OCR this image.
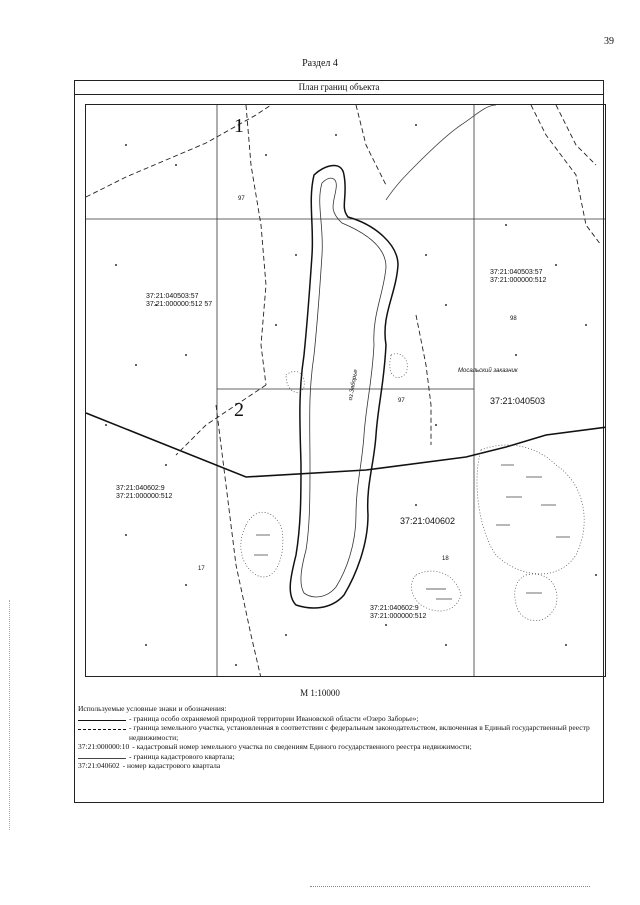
39
Раздел 4
План границ объекта
1
2
37:21:040503:57
37:21:000000:512 57
37:21:040503:57
37:21:000000:512
37:21:040602:9
37:21:000000:512
37:21:040602:9
37:21:000000:512
37:21:040503
37:21:040602
Мосальский заказник
оз.Заборье
97
98
97
17
18
М 1:10000
Используемые условные знаки и обозначения:
- граница особо охраняемой природной территории Ивановской области «Озеро Заборье»;
- граница земельного участка, установленная в соответствии с федеральным законодательством, включенная в Единый государственный реестр недвижимости;
37:21:000000:10 - кадастровый номер земельного участка по сведениям Единого государственного реестра недвижимости;
- граница кадастрового квартала;
37:21:040602 - номер кадастрового квартала
